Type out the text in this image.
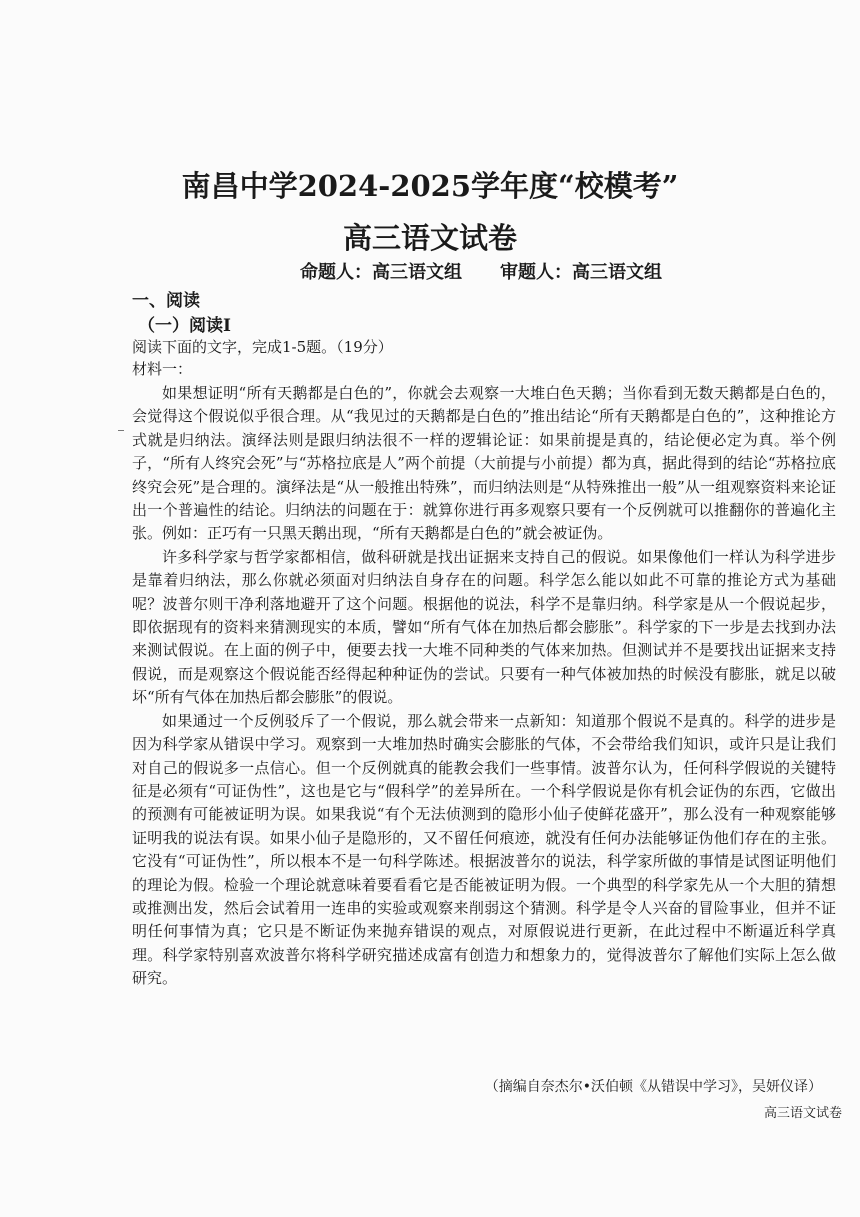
南昌中学2024-2025学年度“校模考”
高三语文试卷
命题人：高三语文组 审题人：高三语文组
一、阅读
（一）阅读Ⅰ
阅读下面的文字，完成1-5题。（19分）
材料一：

如果想证明“所有天鹅都是白色的”，你就会去观察一大堆白色天鹅；当你看到无数天鹅都是白色的，会觉得这个假说似乎很合理。从“我见过的天鹅都是白色的”推出结论“所有天鹅都是白色的”，这种推论方式就是归纳法。演绎法则是跟归纳法很不一样的逻辑论证：如果前提是真的，结论便必定为真。举个例子，“所有人终究会死”与“苏格拉底是人”两个前提（大前提与小前提）都为真，据此得到的结论“苏格拉底终究会死”是合理的。演绎法是“从一般推出特殊”，而归纳法则是“从特殊推出一般”从一组观察资料来论证出一个普遍性的结论。归纳法的问题在于：就算你进行再多观察只要有一个反例就可以推翻你的普遍化主张。例如：正巧有一只黑天鹅出现，“所有天鹅都是白色的”就会被证伪。

许多科学家与哲学家都相信，做科研就是找出证据来支持自己的假说。如果像他们一样认为科学进步是靠着归纳法，那么你就必须面对归纳法自身存在的问题。科学怎么能以如此不可靠的推论方式为基础呢？波普尔则干净利落地避开了这个问题。根据他的说法，科学不是靠归纳。科学家是从一个假说起步，即依据现有的资料来猜测现实的本质，譬如“所有气体在加热后都会膨胀”。科学家的下一步是去找到办法来测试假说。在上面的例子中，便要去找一大堆不同种类的气体来加热。但测试并不是要找出证据来支持假说，而是观察这个假说能否经得起种种证伪的尝试。只要有一种气体被加热的时候没有膨胀，就足以破坏“所有气体在加热后都会膨胀”的假说。

如果通过一个反例驳斥了一个假说，那么就会带来一点新知：知道那个假说不是真的。科学的进步是因为科学家从错误中学习。观察到一大堆加热时确实会膨胀的气体，不会带给我们知识，或许只是让我们对自己的假说多一点信心。但一个反例就真的能教会我们一些事情。波普尔认为，任何科学假说的关键特征是必须有“可证伪性”，这也是它与“假科学”的差异所在。一个科学假说是你有机会证伪的东西，它做出的预测有可能被证明为误。如果我说“有个无法侦测到的隐形小仙子使鲜花盛开”，那么没有一种观察能够证明我的说法有误。如果小仙子是隐形的，又不留任何痕迹，就没有任何办法能够证伪他们存在的主张。它没有“可证伪性”，所以根本不是一句科学陈述。根据波普尔的说法，科学家所做的事情是试图证明他们的理论为假。检验一个理论就意味着要看看它是否能被证明为假。一个典型的科学家先从一个大胆的猜想或推测出发，然后会试着用一连串的实验或观察来削弱这个猜测。科学是令人兴奋的冒险事业，但并不证明任何事情为真；它只是不断证伪来抛弃错误的观点，对原假说进行更新，在此过程中不断逼近科学真理。科学家特别喜欢波普尔将科学研究描述成富有创造力和想象力的，觉得波普尔了解他们实际上怎么做研究。

（摘编自奈杰尔•沃伯顿《从错误中学习》，吴妍仪译）
高三语文试卷
